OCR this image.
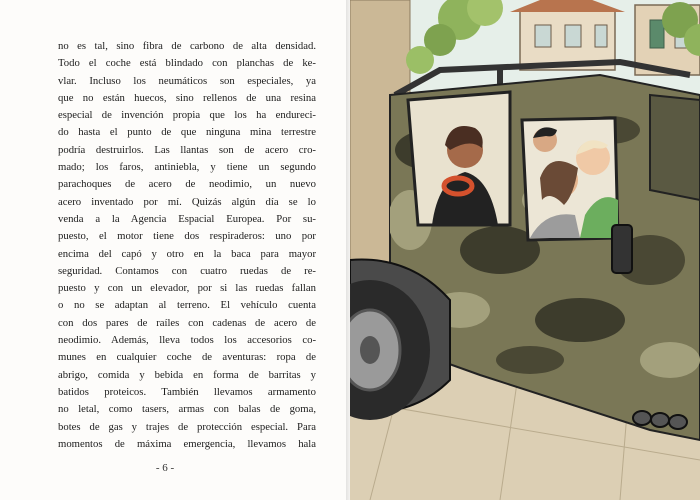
no es tal, sino fibra de carbono de alta densidad.
Todo el coche está blindado con planchas de ke-
vlar. Incluso los neumáticos son especiales, ya
que no están huecos, sino rellenos de una resina
especial de invención propia que los ha endureci-
do hasta el punto de que ninguna mina terrestre
podría destruirlos. Las llantas son de acero cro-
mado; los faros, antiniebla, y tiene un segundo
parachoques de acero de neodimio, un nuevo
acero inventado por mí. Quizás algún día se lo
venda a la Agencia Espacial Europea. Por su-
puesto, el motor tiene dos respiraderos: uno por
encima del capó y otro en la baca para mayor
seguridad. Contamos con cuatro ruedas de re-
puesto y con un elevador, por si las ruedas fallan
o no se adaptan al terreno. El vehículo cuenta
con dos pares de raíles con cadenas de acero de
neodimio. Además, lleva todos los accesorios co-
munes en cualquier coche de aventuras: ropa de
abrigo, comida y bebida en forma de barritas y
batidos proteicos. También llevamos armamento
no letal, como tasers, armas con balas de goma,
botes de gas y trajes de protección especial. Para
momentos de máxima emergencia, llevamos hala
- 6 -
